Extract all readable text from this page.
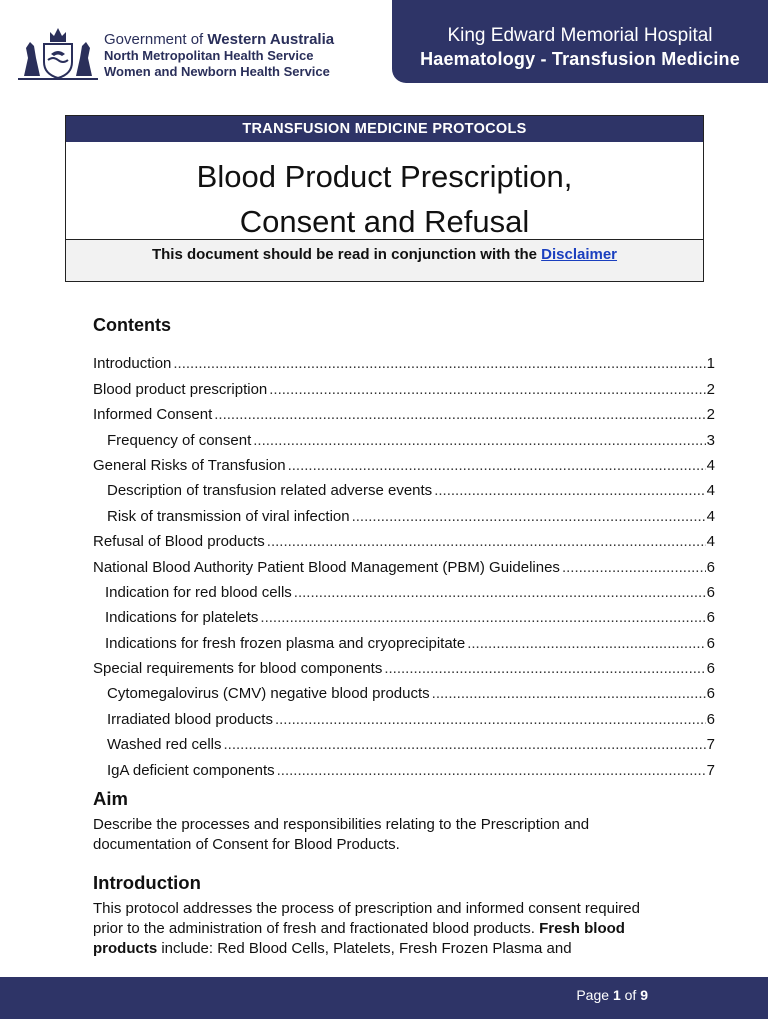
Government of Western Australia
North Metropolitan Health Service
Women and Newborn Health Service
King Edward Memorial Hospital
Haematology - Transfusion Medicine
TRANSFUSION MEDICINE PROTOCOLS
Blood Product Prescription,
Consent and Refusal
This document should be read in conjunction with the Disclaimer
Contents
Introduction .....	1
Blood product prescription .....	2
Informed Consent .....	2
Frequency of consent .....	3
General Risks of Transfusion .....	4
Description of transfusion related adverse events .....	4
Risk of transmission of viral infection .....	4
Refusal of Blood products .....	4
National Blood Authority Patient Blood Management (PBM) Guidelines .....	6
Indication for red blood cells .....	6
Indications for platelets .....	6
Indications for fresh frozen plasma and cryoprecipitate .....	6
Special requirements for blood components .....	6
Cytomegalovirus (CMV) negative blood products .....	6
Irradiated blood products .....	6
Washed red cells .....	7
IgA deficient components .....	7
Aim
Describe the processes and responsibilities relating to the Prescription and documentation of Consent for Blood Products.
Introduction
This protocol addresses the process of prescription and informed consent required prior to the administration of fresh and fractionated blood products. Fresh blood products include: Red Blood Cells, Platelets, Fresh Frozen Plasma and
Page 1 of 9
